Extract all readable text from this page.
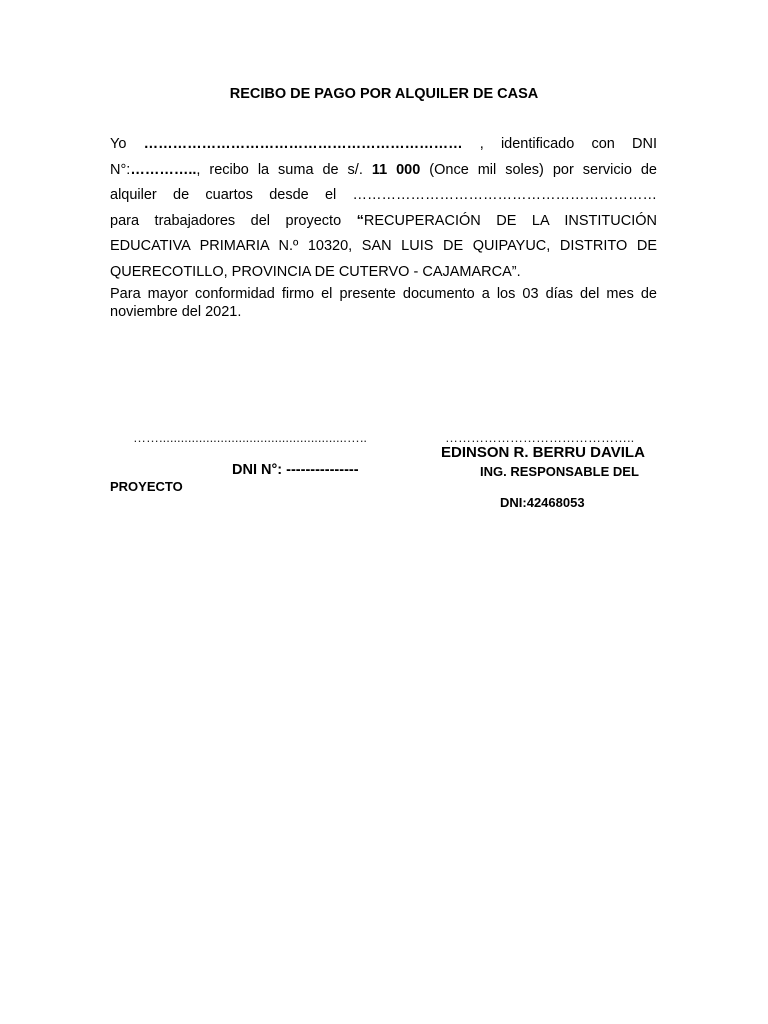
RECIBO DE PAGO POR ALQUILER DE CASA
Yo ………………………………………………………… , identificado con DNI
N°:………….., recibo la suma de s/. 11 000 (Once mil soles) por servicio de
alquiler de cuartos desde el ………………………………………………………
para trabajadores del proyecto “RECUPERACIÓN DE LA INSTITUCIÓN
EDUCATIVA PRIMARIA N.º 10320, SAN LUIS DE QUIPAYUC, DISTRITO DE
QUERECOTILLO, PROVINCIA DE CUTERVO - CAJAMARCA”.
Para mayor conformidad firmo el presente documento a los 03 días del mes de noviembre del 2021.
……....................................................…..	……………………………………..
EDINSON R. BERRU DAVILA
DNI N°: ---------------	ING. RESPONSABLE DEL
PROYECTO
DNI:42468053
